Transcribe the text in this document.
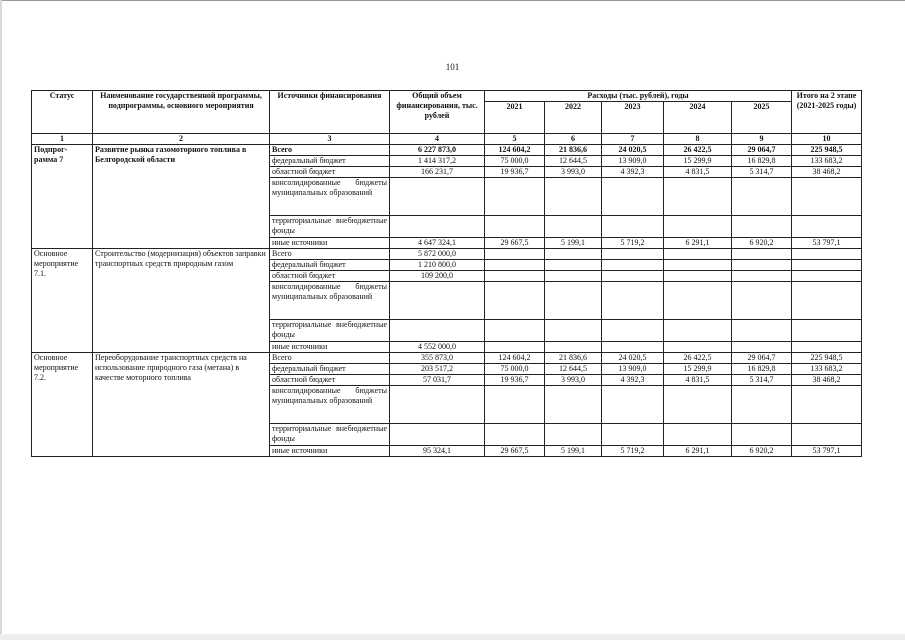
101
Статус	Наименование государственной программы, подпрограммы, основного мероприятия	Источники финансирования	Общий объем финансирования, тыс. рублей	Расходы (тыс. рублей), годы					Итого на 2 этапе (2021-2025 годы)
				2021	2022	2023	2024	2025	
1	2	3	4	5	6	7	8	9	10
Подпрог-рамма 7	Развитие рынка газомоторного топлива в Белгородской области	Всего	6 227 873,0	124 604,2	21 836,6	24 020,5	26 422,5	29 064,7	225 948,5
		федеральный бюджет	1 414 317,2	75 000,0	12 644,5	13 909,0	15 299,9	16 829,8	133 683,2
		областной бюджет	166 231,7	19 936,7	3 993,0	4 392,3	4 831,5	5 314,7	38 468,2
		консолидированные бюджеты муниципальных образований							
		территориальные внебюджетные фонды							
		иные источники	4 647 324,1	29 667,5	5 199,1	5 719,2	6 291,1	6 920,2	53 797,1
Основное мероприятие 7.1.	Строительство (модернизация) объектов заправки транспортных средств природным газом	Всего	5 872 000,0						
		федеральный бюджет	1 210 800,0						
		областной бюджет	109 200,0						
		консолидированные бюджеты муниципальных образований							
		территориальные внебюджетные фонды							
		иные источники	4 552 000,0						
Основное мероприятие 7.2.	Переоборудование транспортных средств на использование природного газа (метана) в качестве моторного топлива	Всего	355 873,0	124 604,2	21 836,6	24 020,5	26 422,5	29 064,7	225 948,5
		федеральный бюджет	203 517,2	75 000,0	12 644,5	13 909,0	15 299,9	16 829,8	133 683,2
		областной бюджет	57 031,7	19 936,7	3 993,0	4 392,3	4 831,5	5 314,7	38 468,2
		консолидированные бюджеты муниципальных образований							
		территориальные внебюджетные фонды							
		иные источники	95 324,1	29 667,5	5 199,1	5 719,2	6 291,1	6 920,2	53 797,1
